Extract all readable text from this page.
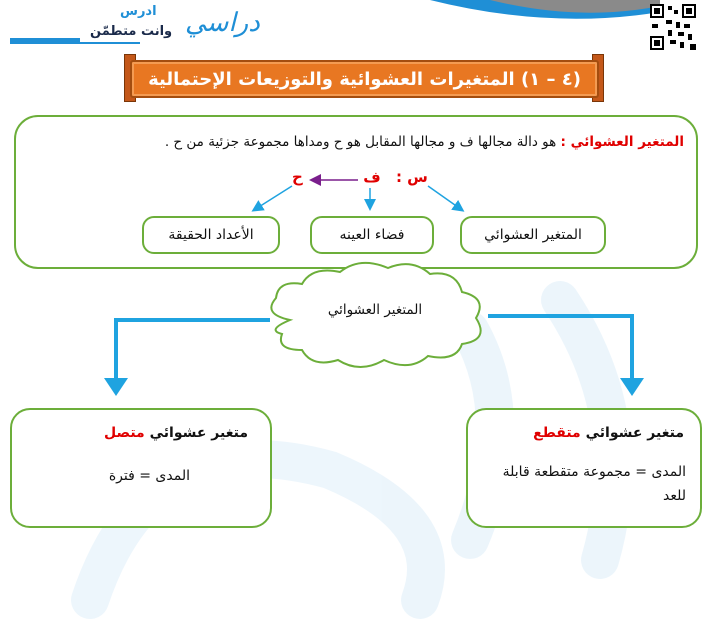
ادرس
وانت متطمّن دراسي
(٤ – ١) المتغيرات العشوائية والتوزيعات الإحتمالية
المتغير العشوائي : هو دالة مجالها ف و مجالها المقابل هو ح ومداها مجموعة جزئية من ح .
س : ف  ح
المتغير العشوائي
فضاء العينه
الأعداد الحقيقة
المتغير العشوائي
متغير عشوائي متقطع
المدى = مجموعة متقطعة قابلة للعد
متغير عشوائي متصل
المدى = فترة
